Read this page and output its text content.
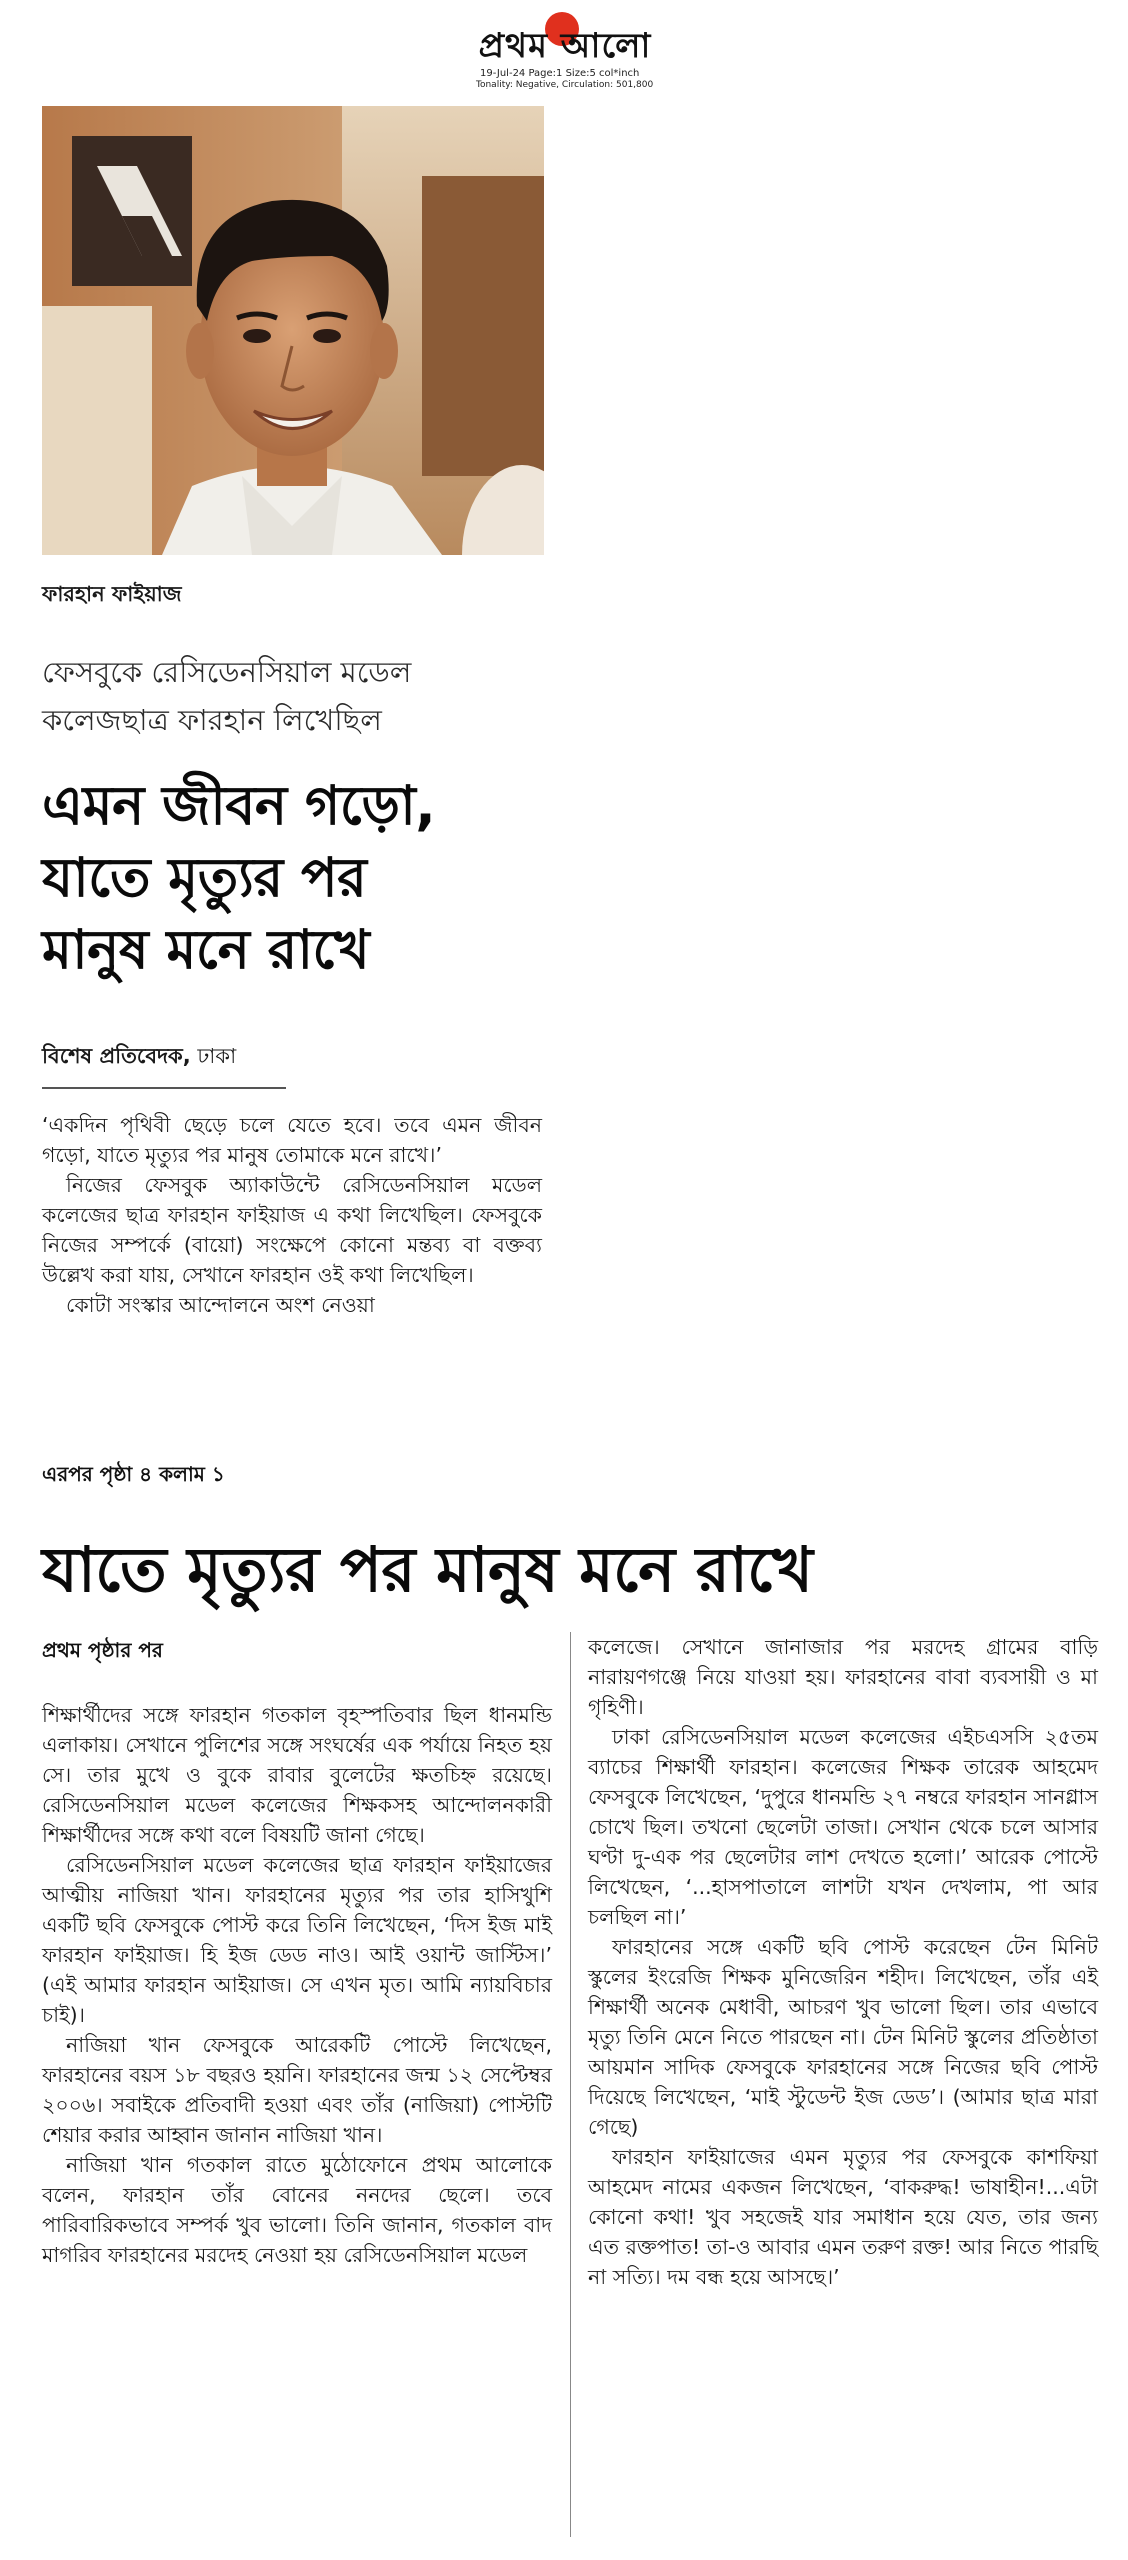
প্রথম আলো
19-Jul-24 Page:1 Size:5 col*inch
Tonality: Negative, Circulation: 501,800
ফারহান ফাইয়াজ
ফেসবুকে রেসিডেনসিয়াল মডেল
কলেজছাত্র ফারহান লিখেছিল
এমন জীবন গড়ো,
যাতে মৃত্যুর পর
মানুষ মনে রাখে
বিশেষ প্রতিবেদক, ঢাকা

‘একদিন পৃথিবী ছেড়ে চলে যেতে হবে। তবে এমন জীবন গড়ো, যাতে মৃত্যুর পর মানুষ তোমাকে মনে রাখে।’

নিজের ফেসবুক অ্যাকাউন্টে রেসিডেনসিয়াল মডেল কলেজের ছাত্র ফারহান ফাইয়াজ এ কথা লিখেছিল। ফেসবুকে নিজের সম্পর্কে (বায়ো) সংক্ষেপে কোনো মন্তব্য বা বক্তব্য উল্লেখ করা যায়, সেখানে ফারহান ওই কথা লিখেছিল।

কোটা সংস্কার আন্দোলনে অংশ নেওয়া

এরপর পৃষ্ঠা ৪ কলাম ১
যাতে মৃত্যুর পর মানুষ মনে রাখে
প্রথম পৃষ্ঠার পর

শিক্ষার্থীদের সঙ্গে ফারহান গতকাল বৃহস্পতিবার ছিল ধানমন্ডি এলাকায়। সেখানে পুলিশের সঙ্গে সংঘর্ষের এক পর্যায়ে নিহত হয় সে। তার মুখে ও বুকে রাবার বুলেটের ক্ষতচিহ্ন রয়েছে। রেসিডেনসিয়াল মডেল কলেজের শিক্ষকসহ আন্দোলনকারী শিক্ষার্থীদের সঙ্গে কথা বলে বিষয়টি জানা গেছে।

রেসিডেনসিয়াল মডেল কলেজের ছাত্র ফারহান ফাইয়াজের আত্মীয় নাজিয়া খান। ফারহানের মৃত্যুর পর তার হাসিখুশি একটি ছবি ফেসবুকে পোস্ট করে তিনি লিখেছেন, ‘দিস ইজ মাই ফারহান ফাইয়াজ। হি ইজ ডেড নাও। আই ওয়ান্ট জাস্টিস।’ (এই আমার ফারহান আইয়াজ। সে এখন মৃত। আমি ন্যায়বিচার চাই)।

নাজিয়া খান ফেসবুকে আরেকটি পোস্টে লিখেছেন, ফারহানের বয়স ১৮ বছরও হয়নি। ফারহানের জন্ম ১২ সেপ্টেম্বর ২০০৬। সবাইকে প্রতিবাদী হওয়া এবং তাঁর (নাজিয়া) পোস্টটি শেয়ার করার আহ্বান জানান নাজিয়া খান।

নাজিয়া খান গতকাল রাতে মুঠোফোনে প্রথম আলোকে বলেন, ফারহান তাঁর বোনের ননদের ছেলে। তবে পারিবারিকভাবে সম্পর্ক খুব ভালো। তিনি জানান, গতকাল বাদ মাগরিব ফারহানের মরদেহ নেওয়া হয় রেসিডেনসিয়াল মডেল

কলেজে। সেখানে জানাজার পর মরদেহ গ্রামের বাড়ি নারায়ণগঞ্জে নিয়ে যাওয়া হয়। ফারহানের বাবা ব্যবসায়ী ও মা গৃহিণী।

ঢাকা রেসিডেনসিয়াল মডেল কলেজের এইচএসসি ২৫তম ব্যাচের শিক্ষার্থী ফারহান। কলেজের শিক্ষক তারেক আহমেদ ফেসবুকে লিখেছেন, ‘দুপুরে ধানমন্ডি ২৭ নম্বরে ফারহান সানগ্লাস চোখে ছিল। তখনো ছেলেটা তাজা। সেখান থেকে চলে আসার ঘণ্টা দু-এক পর ছেলেটার লাশ দেখতে হলো।’ আরেক পোস্টে লিখেছেন, ‘...হাসপাতালে লাশটা যখন দেখলাম, পা আর চলছিল না।’

ফারহানের সঙ্গে একটি ছবি পোস্ট করেছেন টেন মিনিট স্কুলের ইংরেজি শিক্ষক মুনিজেরিন শহীদ। লিখেছেন, তাঁর এই শিক্ষার্থী অনেক মেধাবী, আচরণ খুব ভালো ছিল। তার এভাবে মৃত্যু তিনি মেনে নিতে পারছেন না। টেন মিনিট স্কুলের প্রতিষ্ঠাতা আয়মান সাদিক ফেসবুকে ফারহানের সঙ্গে নিজের ছবি পোস্ট দিয়েছে লিখেছেন, ‘মাই স্টুডেন্ট ইজ ডেড’। (আমার ছাত্র মারা গেছে)

ফারহান ফাইয়াজের এমন মৃত্যুর পর ফেসবুকে কাশফিয়া আহমেদ নামের একজন লিখেছেন, ‘বাকরুদ্ধ! ভাষাহীন!...এটা কোনো কথা! খুব সহজেই যার সমাধান হয়ে যেত, তার জন্য এত রক্তপাত! তা-ও আবার এমন তরুণ রক্ত! আর নিতে পারছি না সত্যি। দম বন্ধ হয়ে আসছে।’
